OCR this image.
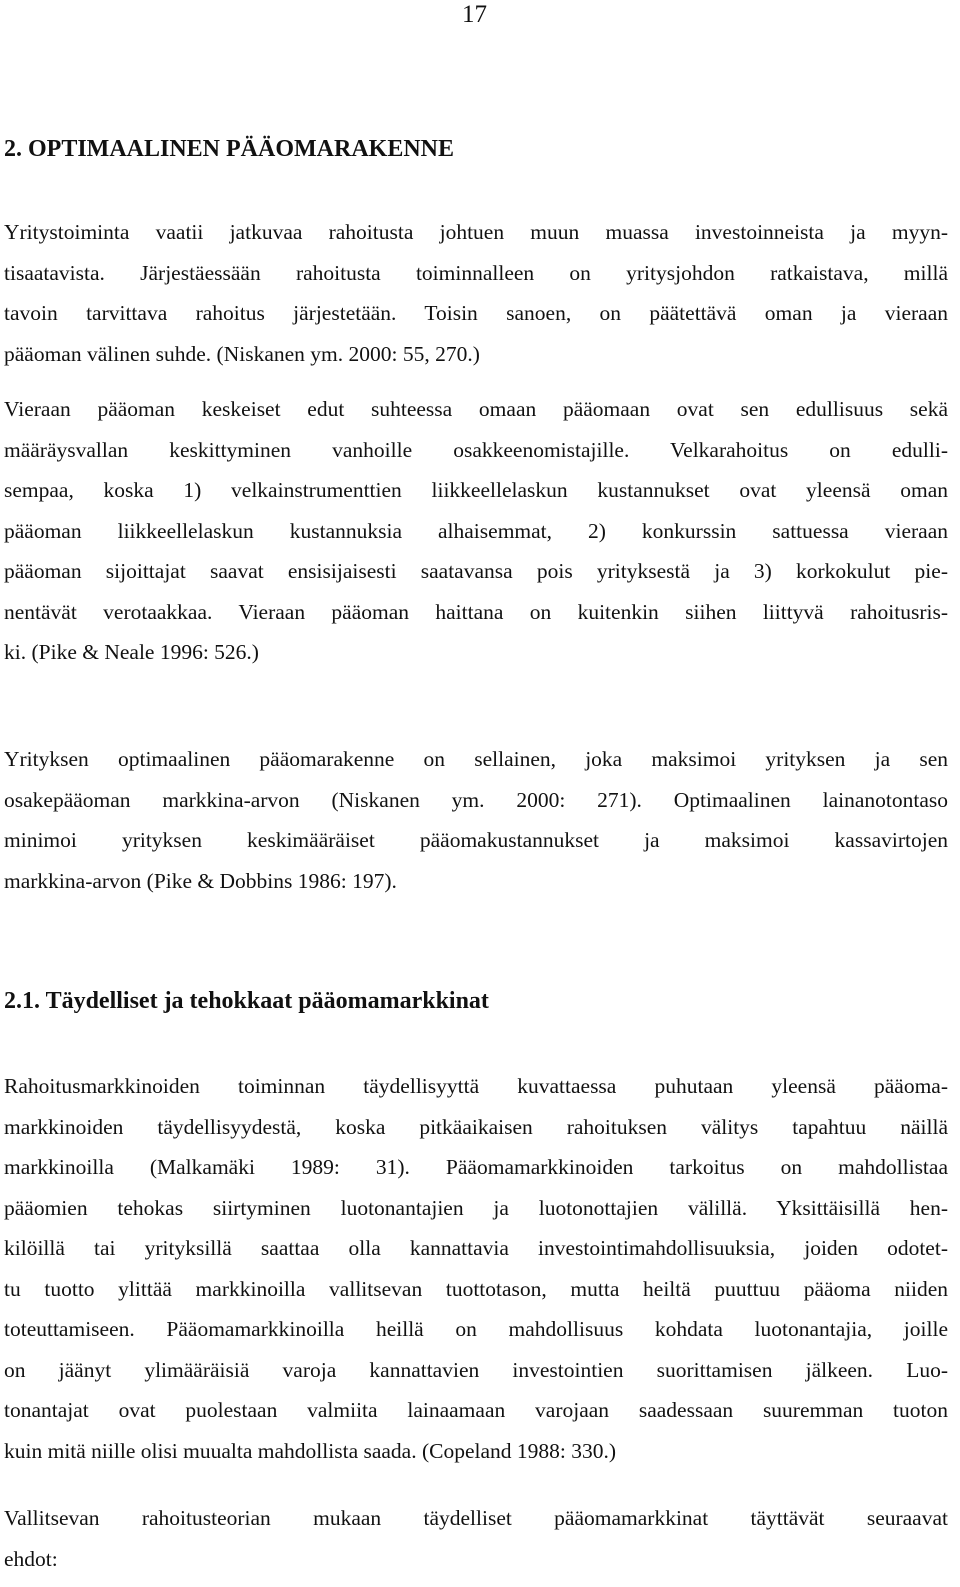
17
2. OPTIMAALINEN PÄÄOMARAKENNE
Yritystoiminta vaatii jatkuvaa rahoitusta johtuen muun muassa investoinneista ja myyn-
tisaatavista. Järjestäessään rahoitusta toiminnalleen on yritysjohdon ratkaistava, millä
tavoin tarvittava rahoitus järjestetään. Toisin sanoen, on päätettävä oman ja vieraan
pääoman välinen suhde. (Niskanen ym. 2000: 55, 270.)
Vieraan pääoman keskeiset edut suhteessa omaan pääomaan ovat sen edullisuus sekä
määräysvallan keskittyminen vanhoille osakkeenomistajille. Velkarahoitus on edulli-
sempaa, koska 1) velkainstrumenttien liikkeellelaskun kustannukset ovat yleensä oman
pääoman liikkeellelaskun kustannuksia alhaisemmat, 2) konkurssin sattuessa vieraan
pääoman sijoittajat saavat ensisijaisesti saatavansa pois yrityksestä ja 3) korkokulut pie-
nentävät verotaakkaa. Vieraan pääoman haittana on kuitenkin siihen liittyvä rahoitusris-
ki. (Pike & Neale 1996: 526.)
Yrityksen optimaalinen pääomarakenne on sellainen, joka maksimoi yrityksen ja sen
osakepääoman markkina-arvon (Niskanen ym. 2000: 271). Optimaalinen lainanotontaso
minimoi yrityksen keskimääräiset pääomakustannukset ja maksimoi kassavirtojen
markkina-arvon (Pike & Dobbins 1986: 197).
2.1. Täydelliset ja tehokkaat pääomamarkkinat
Rahoitusmarkkinoiden toiminnan täydellisyyttä kuvattaessa puhutaan yleensä pääoma-
markkinoiden täydellisyydestä, koska pitkäaikaisen rahoituksen välitys tapahtuu näillä
markkinoilla (Malkamäki 1989: 31). Pääomamarkkinoiden tarkoitus on mahdollistaa
pääomien tehokas siirtyminen luotonantajien ja luotonottajien välillä. Yksittäisillä hen-
kilöillä tai yrityksillä saattaa olla kannattavia investointimahdollisuuksia, joiden odotet-
tu tuotto ylittää markkinoilla vallitsevan tuottotason, mutta heiltä puuttuu pääoma niiden
toteuttamiseen. Pääomamarkkinoilla heillä on mahdollisuus kohdata luotonantajia, joille
on jäänyt ylimääräisiä varoja kannattavien investointien suorittamisen jälkeen. Luo-
tonantajat ovat puolestaan valmiita lainaamaan varojaan saadessaan suuremman tuoton
kuin mitä niille olisi muualta mahdollista saada. (Copeland 1988: 330.)
Vallitsevan rahoitusteorian mukaan täydelliset pääomamarkkinat täyttävät seuraavat
ehdot:
